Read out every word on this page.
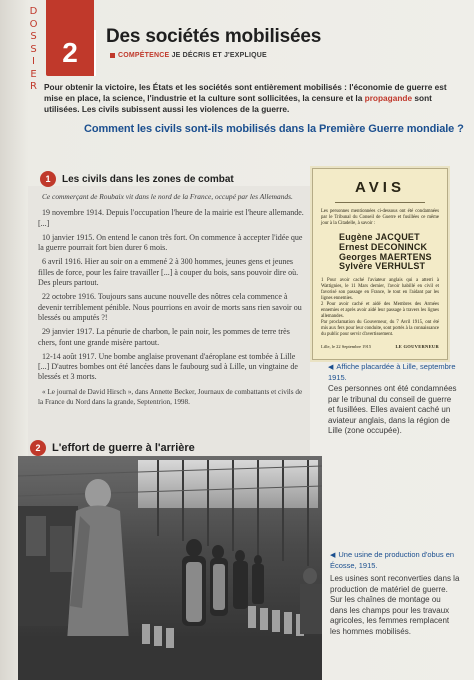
D
O
S
S
I
E
R
2
Des sociétés mobilisées
COMPÉTENCE JE DÉCRIS ET J'EXPLIQUE
Pour obtenir la victoire, les États et les sociétés sont entièrement mobilisés : l'économie de guerre est mise en place, la science, l'industrie et la culture sont sollicitées, la censure et la propagande sont utilisées. Les civils subissent aussi les violences de la guerre.
Comment les civils sont-ils mobilisés dans la Première Guerre mondiale ?
1	Les civils dans les zones de combat
Ce commerçant de Roubaix vit dans le nord de la France, occupé par les Allemands.

19 novembre 1914. Depuis l'occupation l'heure de la mairie est l'heure allemande. [...]

10 janvier 1915. On entend le canon très fort. On commence à accepter l'idée que la guerre pourrait fort bien durer 6 mois.

6 avril 1916. Hier au soir on a emmené 2 à 300 hommes, jeunes gens et jeunes filles de force, pour les faire travailler [...] à couper du bois, sans pouvoir dire où. Des pleurs partout.

22 octobre 1916. Toujours sans aucune nouvelle des nôtres cela commence à devenir terriblement pénible. Nous pourrions en avoir de morts sans rien savoir ou blessés ou amputés ?!

29 janvier 1917. La pénurie de charbon, le pain noir, les pommes de terre très chers, font une grande misère partout.

12-14 août 1917. Une bombe anglaise provenant d'aéroplane est tombée à Lille [...] D'autres bombes ont été lancées dans le faubourg sud à Lille, un vingtaine de blessés et 3 morts.

« Le journal de David Hirsch », dans Annette Becker, Journaux de combattants et civils de la France du Nord dans la grande, Septentrion, 1998.
AVIS
Les personnes mentionnées ci-dessous ont été condamnées par le Tribunal du Conseil de Guerre et fusillées ce même jour à la Citadelle, à savoir :
Eugène JACQUET
Ernest DECONINCK
Georges MAERTENS
Sylvère VERHULST
1 Pour avoir caché l'aviateur anglais qui a atterri à Wattignies, le 11 Mars dernier, l'avoir habillé en civil et favorisé son passage en France, le tout en l'aidant par les lignes ennemies.
2 Pour avoir caché et aidé des Membres des Armées ennemies et après avoir aidé leur passage à travers les lignes allemandes.
Par proclamation du Gouverneur, du 7 Avril 1915, ont été mis aux fers pour leur conduite, sont portés à la connaissance du public pour servir d'avertissement.
Lille, le 22 Septembre 1915	LE GOUVERNEUR
◀ Affiche placardée à Lille, septembre 1915.
Ces personnes ont été condamnées par le tribunal du conseil de guerre et fusillées. Elles avaient caché un aviateur anglais, dans la région de Lille (zone occupée).
2	L'effort de guerre à l'arrière
◀ Une usine de production d'obus en Écosse, 1915.
Les usines sont reconverties dans la production de matériel de guerre. Sur les chaînes de montage ou dans les champs pour les travaux agricoles, les femmes remplacent les hommes mobilisés.
